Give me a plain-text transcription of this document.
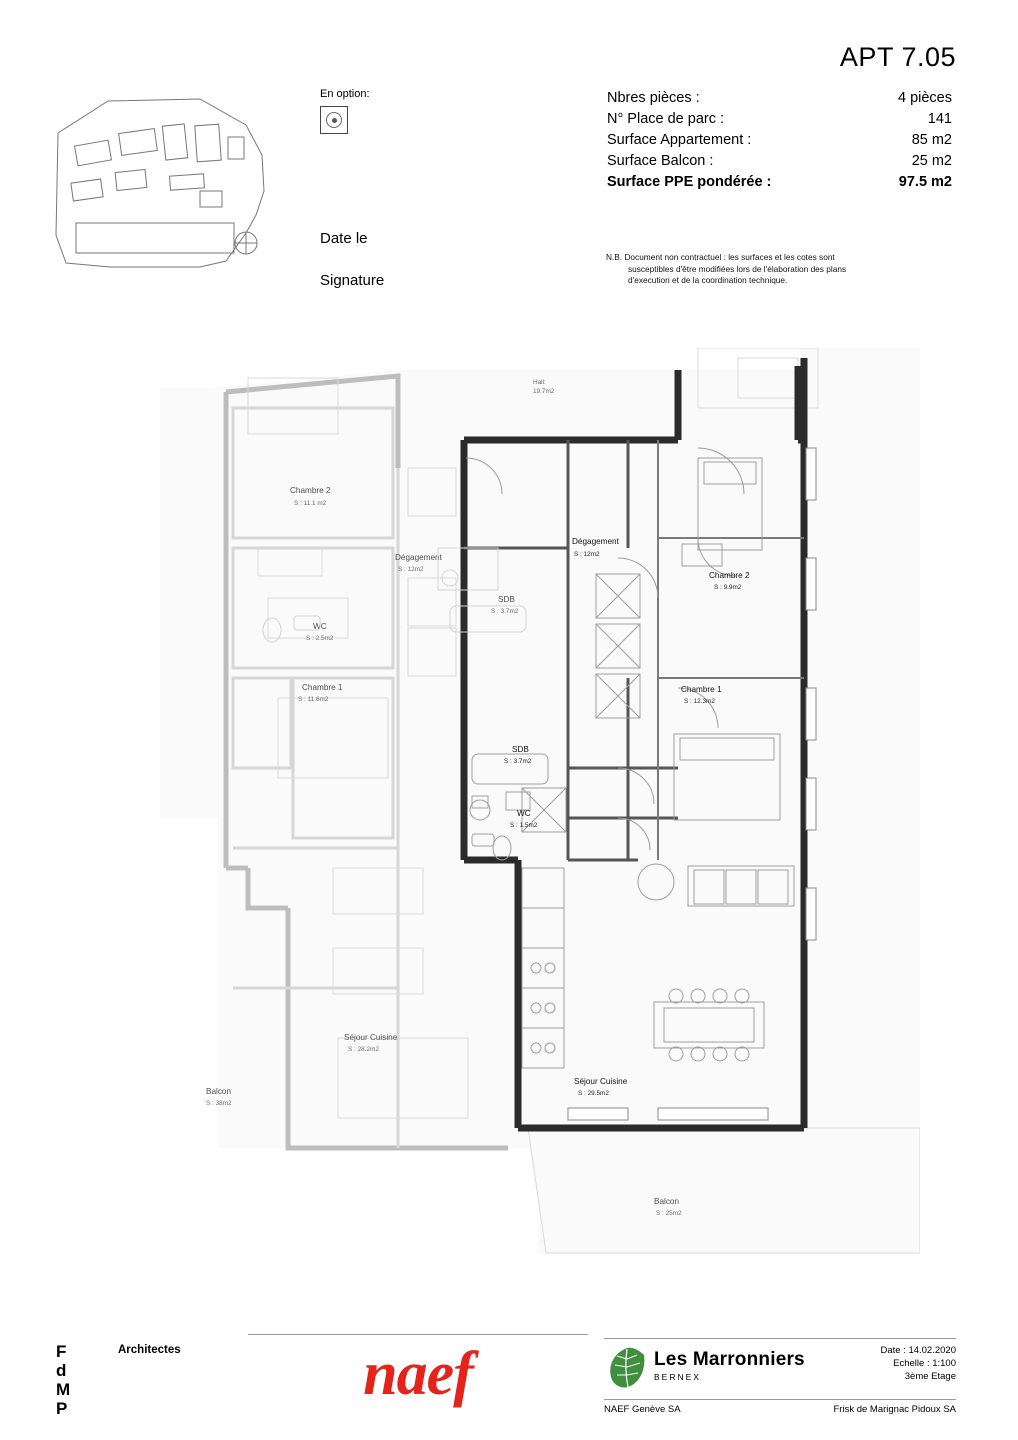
APT 7.05
En option:	Nbres pièces :	4 pièces
N° Place de parc :	141
Surface Appartement :	85 m2
Surface Balcon :	25 m2
Surface PPE pondérée :	97.5 m2
Date le
Signature
N.B. Document non contractuel : les surfaces et les cotes sont
susceptibles d'être modifiées lors de l'élaboration des plans
d'execution et de la coordination technique.
Hall:
19.7m2
Chambre 2
S : 11.1 m2
Dégagement
S : 12m2
WC
S : 2.5m2
SDB
S : 3.7m2
Chambre 1
S : 11.6m2
Séjour Cuisine
S : 28.2m2
Balcon
S : 38m2
Dégagement
S : 12m2
Chambre 2
S : 9.9m2
Chambre 1
S : 12.3m2
SDB
S : 3.7m2
WC
S : 1.5m2
Séjour Cuisine
S : 29.5m2
Balcon
S : 25m2
F
d
M
P
Architectes	naef	Les Marronniers
BERNEX
Date : 14.02.2020
Echelle : 1:100
3ème Etage
NAEF Genève SA	Frisk de Marignac Pidoux SA
